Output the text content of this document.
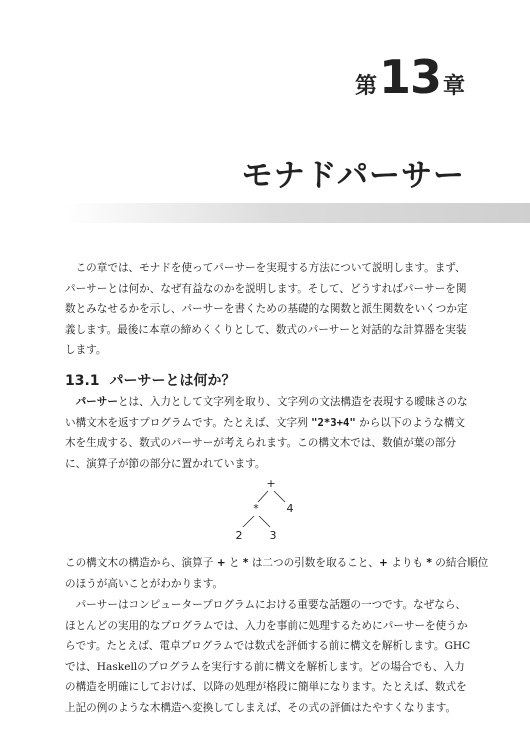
第 13 章
モナドパーサー
　この章では、モナドを使ってパーサーを実現する方法について説明します。まず、
パーサーとは何か、なぜ有益なのかを説明します。そして、どうすればパーサーを関
数とみなせるかを示し、パーサーを書くための基礎的な関数と派生関数をいくつか定
義します。最後に本章の締めくくりとして、数式のパーサーと対話的な計算器を実装
します。
13.1 パーサーとは何か？
　パーサーとは、入力として文字列を取り、文字列の文法構造を表現する曖昧さのな
い構文木を返すプログラムです。たとえば、文字列 "2*3+4" から以下のような構文
木を生成する、数式のパーサーが考えられます。この構文木では、数値が葉の部分
に、演算子が節の部分に置かれています。
+
*	4
2 3
この構文木の構造から、演算子 + と * は二つの引数を取ること、+ よりも * の結合順位
のほうが高いことがわかります。
　パーサーはコンピュータープログラムにおける重要な話題の一つです。なぜなら、
ほとんどの実用的なプログラムでは、入力を事前に処理するためにパーサーを使うか
らです。たとえば、電卓プログラムでは数式を評価する前に構文を解析します。GHC
では、Haskellのプログラムを実行する前に構文を解析します。どの場合でも、入力
の構造を明確にしておけば、以降の処理が格段に簡単になります。たとえば、数式を
上記の例のような木構造へ変換してしまえば、その式の評価はたやすくなります。
